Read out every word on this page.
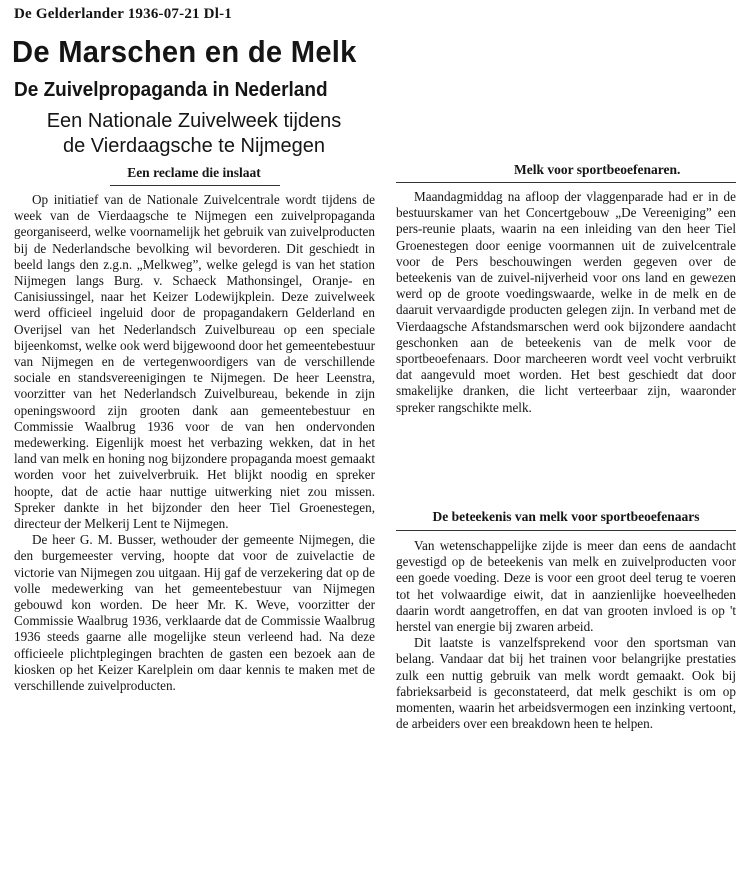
De Gelderlander 1936-07-21 Dl-1
De Marschen en de Melk
De Zuivelpropaganda in Nederland
Een Nationale Zuivelweek tijdens
de Vierdaagsche te Nijmegen
Een reclame die inslaat

Op initiatief van de Nationale Zuivelcentrale wordt tijdens de week van de Vierdaagsche te Nijmegen een zuivelpropaganda georganiseerd, welke voornamelijk het gebruik van zuivelproducten bij de Nederlandsche bevolking wil bevorderen. Dit geschiedt in beeld langs den z.g.n. „Melkweg”, welke gelegd is van het station Nijmegen langs Burg. v. Schaeck Mathonsingel, Oranje- en Canisiussingel, naar het Keizer Lodewijkplein. Deze zuivelweek werd officieel ingeluid door de propagandakern Gelderland en Overijsel van het Nederlandsch Zuivelbureau op een speciale bijeenkomst, welke ook werd bijgewoond door het gemeentebestuur van Nijmegen en de vertegenwoordigers van de verschillende sociale en standsvereenigingen te Nijmegen. De heer Leenstra, voorzitter van het Nederlandsch Zuivelbureau, bekende in zijn openingswoord zijn grooten dank aan gemeentebestuur en Commissie Waalbrug 1936 voor de van hen ondervonden medewerking. Eigenlijk moest het verbazing wekken, dat in het land van melk en honing nog bijzondere propaganda moest gemaakt worden voor het zuivelverbruik. Het blijkt noodig en spreker hoopte, dat de actie haar nuttige uitwerking niet zou missen. Spreker dankte in het bijzonder den heer Tiel Groenestegen, directeur der Melkerij Lent te Nijmegen.

De heer G. M. Busser, wethouder der gemeente Nijmegen, die den burgemeester verving, hoopte dat voor de zuivelactie de victorie van Nijmegen zou uitgaan. Hij gaf de verzekering dat op de volle medewerking van het gemeentebestuur van Nijmegen gebouwd kon worden. De heer Mr. K. Weve, voorzitter der Commissie Waalbrug 1936, verklaarde dat de Commissie Waalbrug 1936 steeds gaarne alle mogelijke steun verleend had. Na deze officieele plichtplegingen brachten de gasten een bezoek aan de kiosken op het Keizer Karelplein om daar kennis te maken met de verschillende zuivelproducten.

Melk voor sportbeoefenaren.

Maandagmiddag na afloop der vlaggenparade had er in de bestuurskamer van het Concertgebouw „De Vereeniging” een pers-reunie plaats, waarin na een inleiding van den heer Tiel Groenestegen door eenige voormannen uit de zuivelcentrale voor de Pers beschouwingen werden gegeven over de beteekenis van de zuivel-nijverheid voor ons land en gewezen werd op de groote voedingswaarde, welke in de melk en de daaruit vervaardigde producten gelegen zijn. In verband met de Vierdaagsche Afstandsmarschen werd ook bijzondere aandacht geschonken aan de beteekenis van de melk voor de sportbeoefenaars. Door marcheeren wordt veel vocht verbruikt dat aangevuld moet worden. Het best geschiedt dat door smakelijke dranken, die licht verteerbaar zijn, waaronder spreker rangschikte melk.

De beteekenis van melk voor sportbeoefenaars

Van wetenschappelijke zijde is meer dan eens de aandacht gevestigd op de beteekenis van melk en zuivelproducten voor een goede voeding. Deze is voor een groot deel terug te voeren tot het volwaardige eiwit, dat in aanzienlijke hoeveelheden daarin wordt aangetroffen, en dat van grooten invloed is op 't herstel van energie bij zwaren arbeid.

Dit laatste is vanzelfsprekend voor den sportsman van belang. Vandaar dat bij het trainen voor belangrijke prestaties zulk een nuttig gebruik van melk wordt gemaakt. Ook bij fabrieksarbeid is geconstateerd, dat melk geschikt is om op momenten, waarin het arbeidsvermogen een inzinking vertoont, de arbeiders over een breakdown heen te helpen.
